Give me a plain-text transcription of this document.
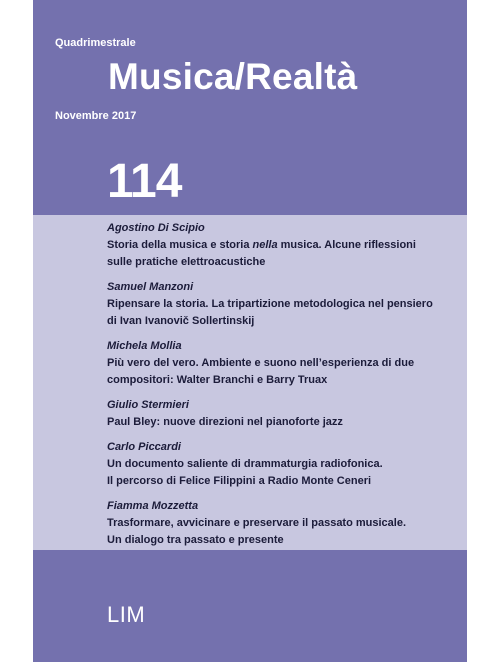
Quadrimestrale
Musica/Realtà
Novembre 2017
114
Agostino Di Scipio
Storia della musica e storia nella musica. Alcune riflessioni
sulle pratiche elettroacustiche
Samuel Manzoni
Ripensare la storia. La tripartizione metodologica nel pensiero
di Ivan Ivanovič Sollertinskij
Michela Mollia
Più vero del vero. Ambiente e suono nell’esperienza di due
compositori: Walter Branchi e Barry Truax
Giulio Stermieri
Paul Bley: nuove direzioni nel pianoforte jazz
Carlo Piccardi
Un documento saliente di drammaturgia radiofonica.
Il percorso di Felice Filippini a Radio Monte Ceneri
Fiamma Mozzetta
Trasformare, avvicinare e preservare il passato musicale.
Un dialogo tra passato e presente
LIM
